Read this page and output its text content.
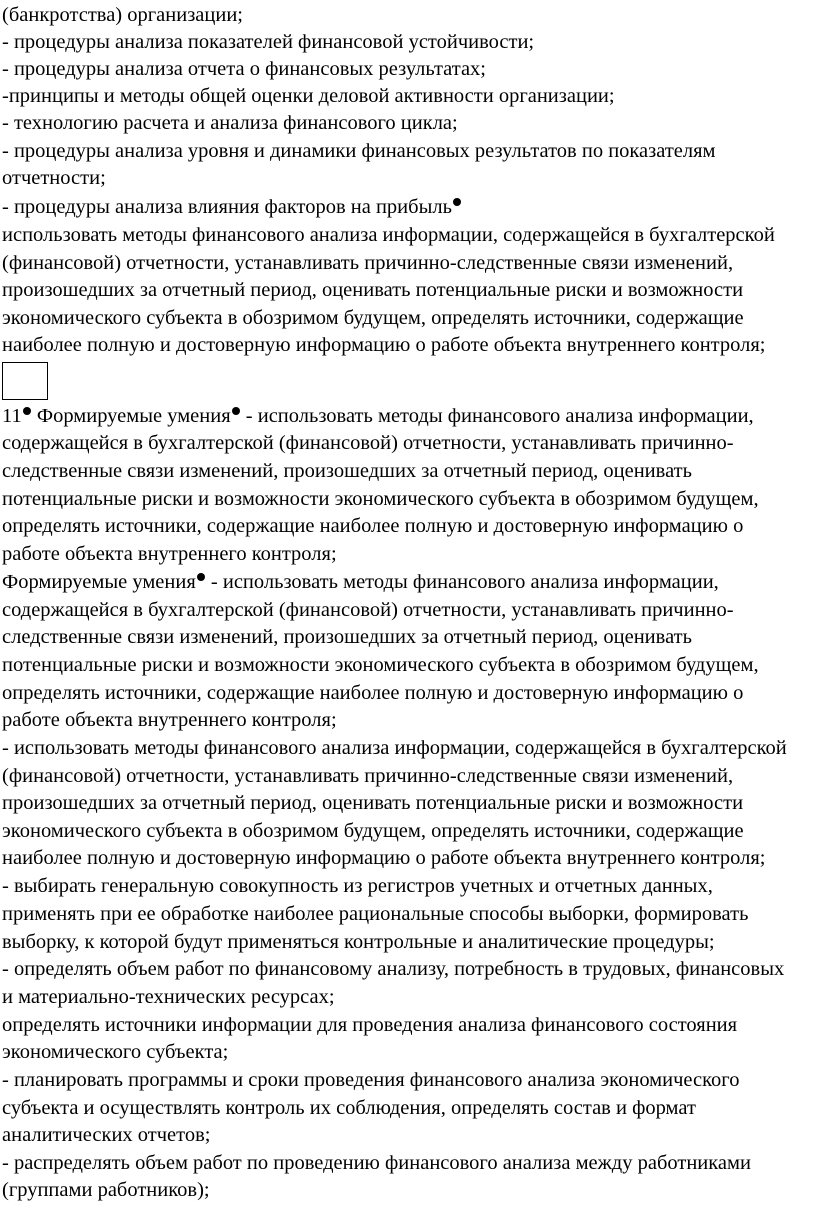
(банкротства) организации;
- процедуры анализа показателей финансовой устойчивости;
- процедуры анализа отчета о финансовых результатах;
-принципы и методы общей оценки деловой активности организации;
- технологию расчета и анализа финансового цикла;
- процедуры анализа уровня и динамики финансовых результатов по показателям
отчетности;
- процедуры анализа влияния факторов на прибыль
использовать методы финансового анализа информации, содержащейся в бухгалтерской
(финансовой) отчетности, устанавливать причинно-следственные связи изменений,
произошедших за отчетный период, оценивать потенциальные риски и возможности
экономического субъекта в обозримом будущем, определять источники, содержащие
наиболее полную и достоверную информацию о работе объекта внутреннего контроля;
11 Формируемые умения - использовать методы финансового анализа информации,
содержащейся в бухгалтерской (финансовой) отчетности, устанавливать причинно-
следственные связи изменений, произошедших за отчетный период, оценивать
потенциальные риски и возможности экономического субъекта в обозримом будущем,
определять источники, содержащие наиболее полную и достоверную информацию о
работе объекта внутреннего контроля;
Формируемые умения - использовать методы финансового анализа информации,
содержащейся в бухгалтерской (финансовой) отчетности, устанавливать причинно-
следственные связи изменений, произошедших за отчетный период, оценивать
потенциальные риски и возможности экономического субъекта в обозримом будущем,
определять источники, содержащие наиболее полную и достоверную информацию о
работе объекта внутреннего контроля;
- использовать методы финансового анализа информации, содержащейся в бухгалтерской
(финансовой) отчетности, устанавливать причинно-следственные связи изменений,
произошедших за отчетный период, оценивать потенциальные риски и возможности
экономического субъекта в обозримом будущем, определять источники, содержащие
наиболее полную и достоверную информацию о работе объекта внутреннего контроля;
- выбирать генеральную совокупность из регистров учетных и отчетных данных,
применять при ее обработке наиболее рациональные способы выборки, формировать
выборку, к которой будут применяться контрольные и аналитические процедуры;
- определять объем работ по финансовому анализу, потребность в трудовых, финансовых
и материально-технических ресурсах;
определять источники информации для проведения анализа финансового состояния
экономического субъекта;
- планировать программы и сроки проведения финансового анализа экономического
субъекта и осуществлять контроль их соблюдения, определять состав и формат
аналитических отчетов;
- распределять объем работ по проведению финансового анализа между работниками
(группами работников);
